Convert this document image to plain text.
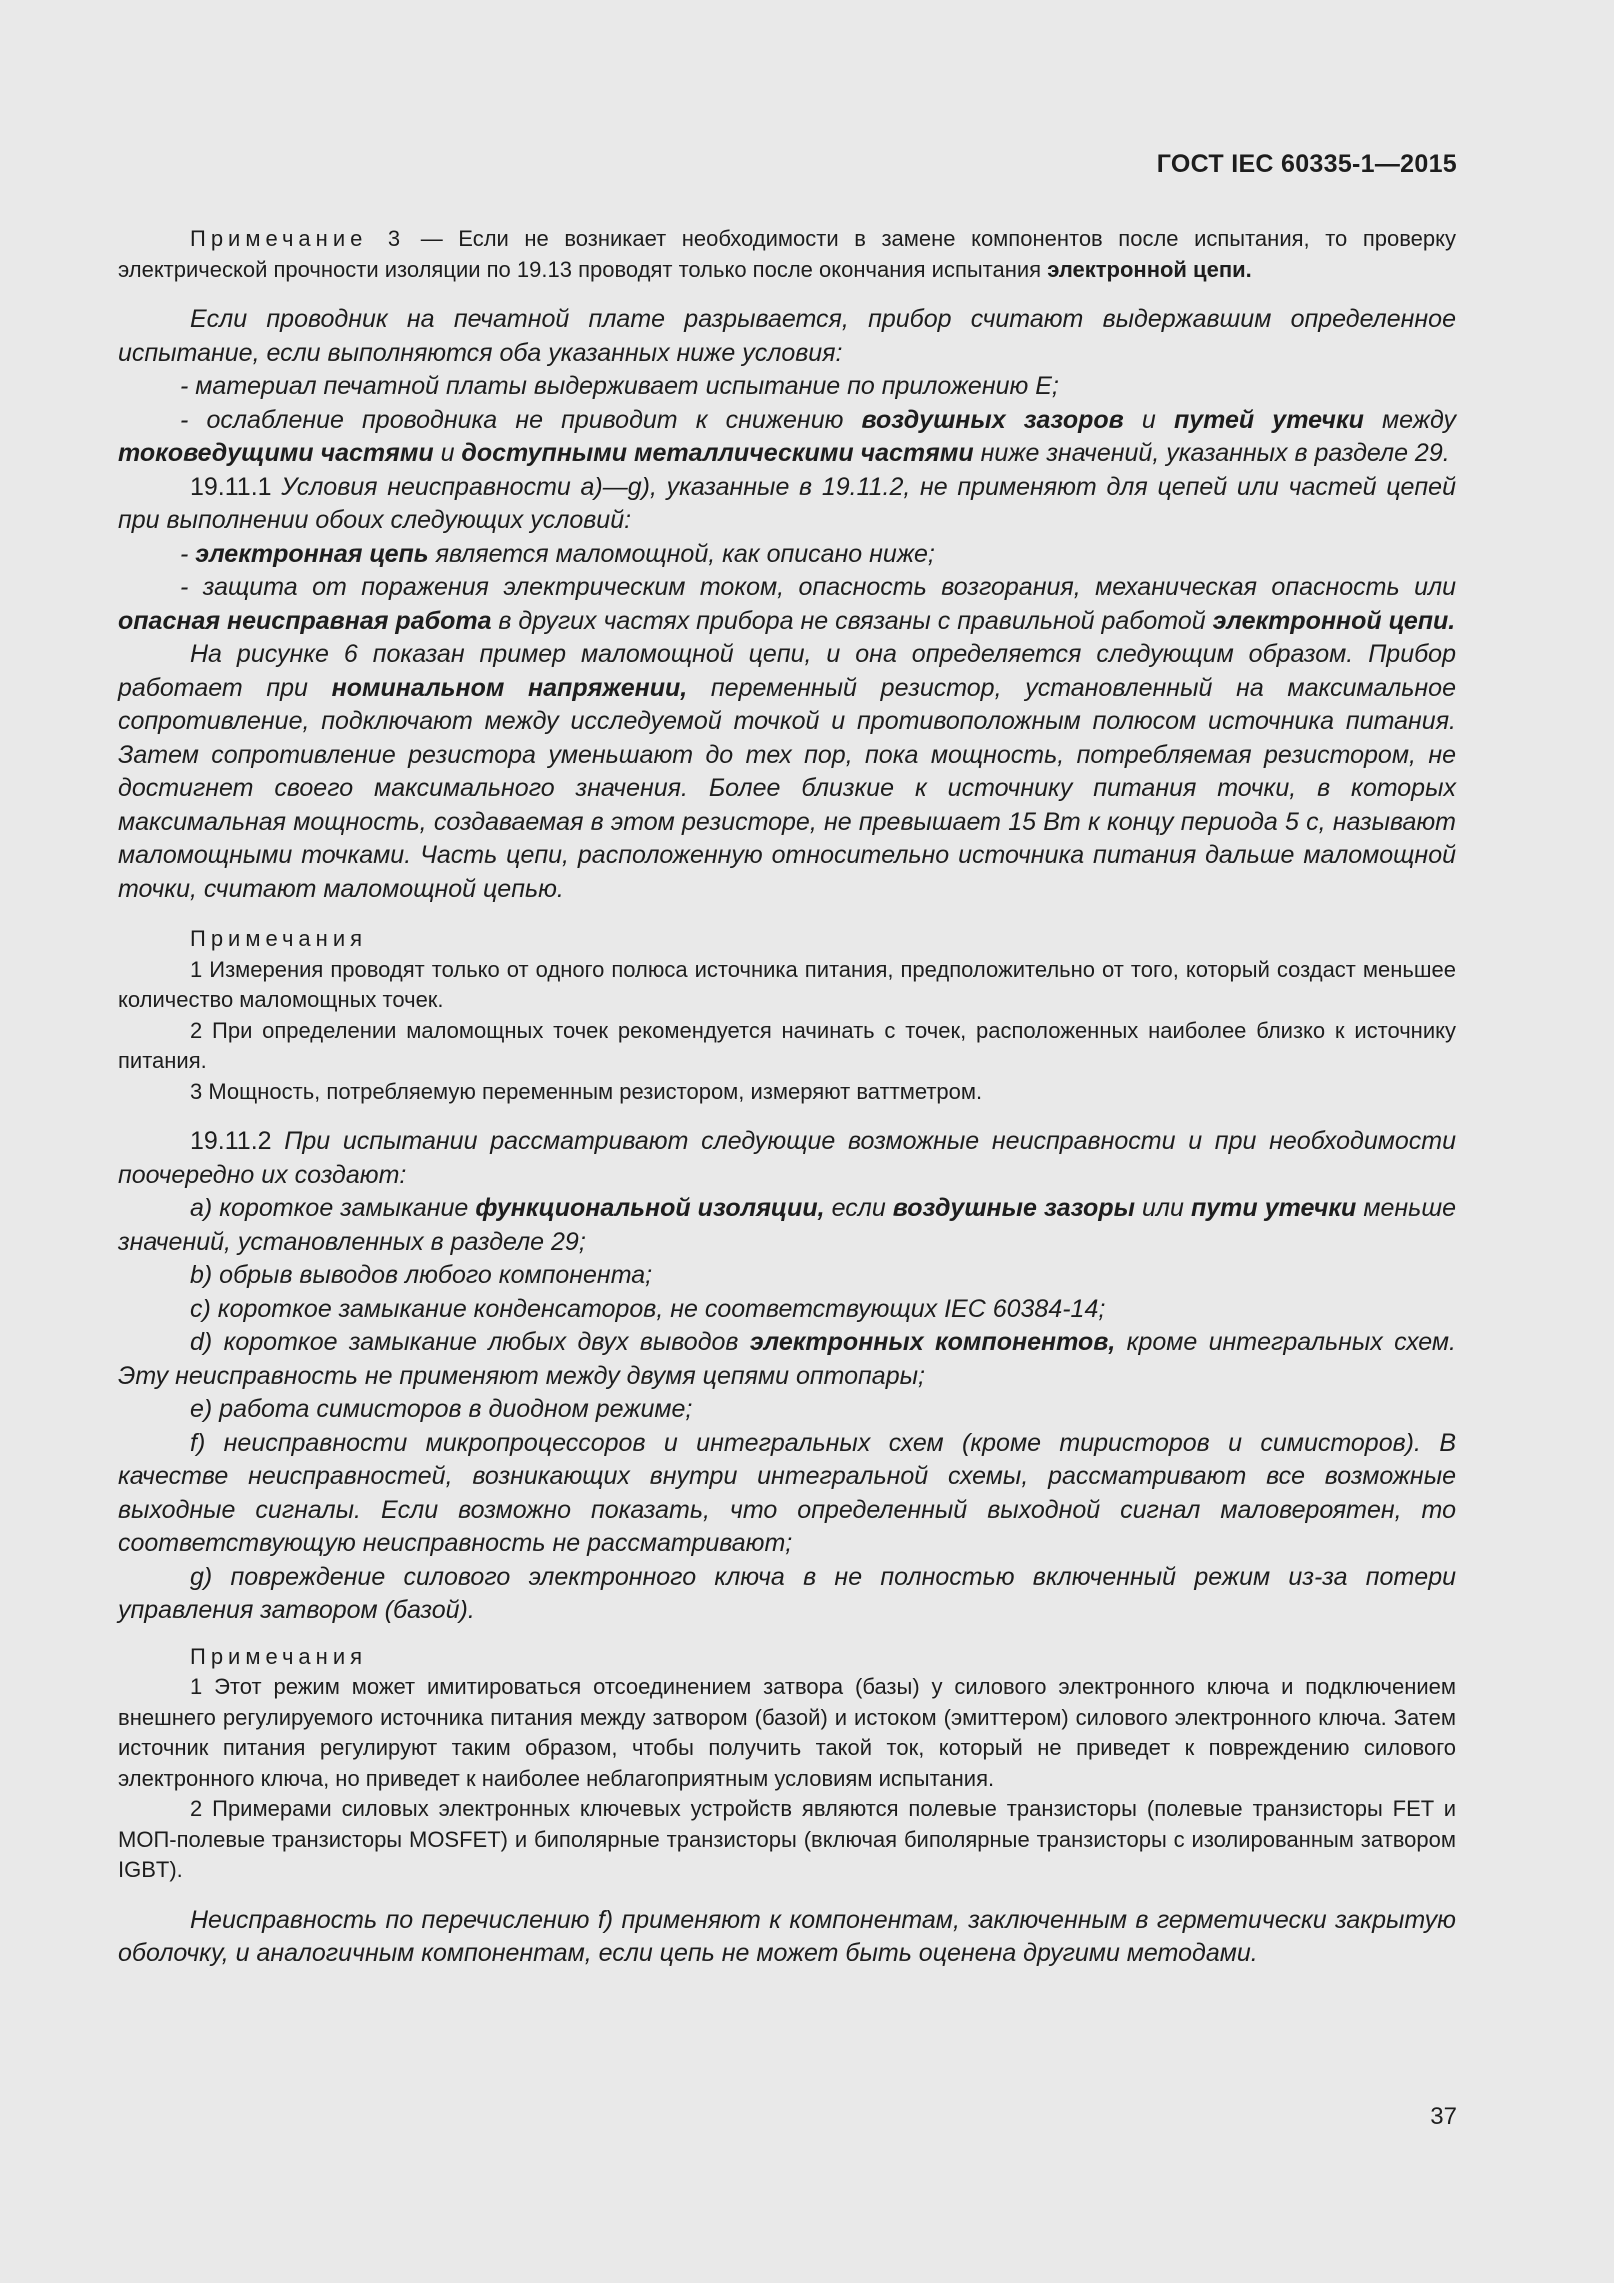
ГОСТ IEC 60335-1—2015

Примечание 3 — Если не возникает необходимости в замене компонентов после испытания, то проверку электрической прочности изоляции по 19.13 проводят только после окончания испытания электронной цепи.

Если проводник на печатной плате разрывается, прибор считают выдержавшим определенное испытание, если выполняются оба указанных ниже условия:

- материал печатной платы выдерживает испытание по приложению E;

- ослабление проводника не приводит к снижению воздушных зазоров и путей утечки между токоведущими частями и доступными металлическими частями ниже значений, указанных в разделе 29.

19.11.1 Условия неисправности a)—g), указанные в 19.11.2, не применяют для цепей или частей цепей при выполнении обоих следующих условий:

- электронная цепь является маломощной, как описано ниже;

- защита от поражения электрическим током, опасность возгорания, механическая опасность или опасная неисправная работа в других частях прибора не связаны с правильной работой электронной цепи.

На рисунке 6 показан пример маломощной цепи, и она определяется следующим образом. Прибор работает при номинальном напряжении, переменный резистор, установленный на максимальное сопротивление, подключают между исследуемой точкой и противоположным полюсом источника питания. Затем сопротивление резистора уменьшают до тех пор, пока мощность, потребляемая резистором, не достигнет своего максимального значения. Более близкие к источнику питания точки, в которых максимальная мощность, создаваемая в этом резисторе, не превышает 15 Вт к концу периода 5 с, называют маломощными точками. Часть цепи, расположенную относительно источника питания дальше маломощной точки, считают маломощной цепью.

Примечания

1 Измерения проводят только от одного полюса источника питания, предположительно от того, который создаст меньшее количество маломощных точек.

2 При определении маломощных точек рекомендуется начинать с точек, расположенных наиболее близко к источнику питания.

3 Мощность, потребляемую переменным резистором, измеряют ваттметром.

19.11.2 При испытании рассматривают следующие возможные неисправности и при необходимости поочередно их создают:

a) короткое замыкание функциональной изоляции, если воздушные зазоры или пути утечки меньше значений, установленных в разделе 29;

b) обрыв выводов любого компонента;

c) короткое замыкание конденсаторов, не соответствующих IEC 60384-14;

d) короткое замыкание любых двух выводов электронных компонентов, кроме интегральных схем. Эту неисправность не применяют между двумя цепями оптопары;

e) работа симисторов в диодном режиме;

f) неисправности микропроцессоров и интегральных схем (кроме тиристоров и симисторов). В качестве неисправностей, возникающих внутри интегральной схемы, рассматривают все возможные выходные сигналы. Если возможно показать, что определенный выходной сигнал маловероятен, то соответствующую неисправность не рассматривают;

g) повреждение силового электронного ключа в не полностью включенный режим из-за потери управления затвором (базой).

Примечания

1 Этот режим может имитироваться отсоединением затвора (базы) у силового электронного ключа и подключением внешнего регулируемого источника питания между затвором (базой) и истоком (эмиттером) силового электронного ключа. Затем источник питания регулируют таким образом, чтобы получить такой ток, который не приведет к повреждению силового электронного ключа, но приведет к наиболее неблагоприятным условиям испытания.

2 Примерами силовых электронных ключевых устройств являются полевые транзисторы (полевые транзисторы FET и МОП-полевые транзисторы MOSFET) и биполярные транзисторы (включая биполярные транзисторы с изолированным затвором IGBT).

Неисправность по перечислению f) применяют к компонентам, заключенным в герметически закрытую оболочку, и аналогичным компонентам, если цепь не может быть оценена другими методами.

37
